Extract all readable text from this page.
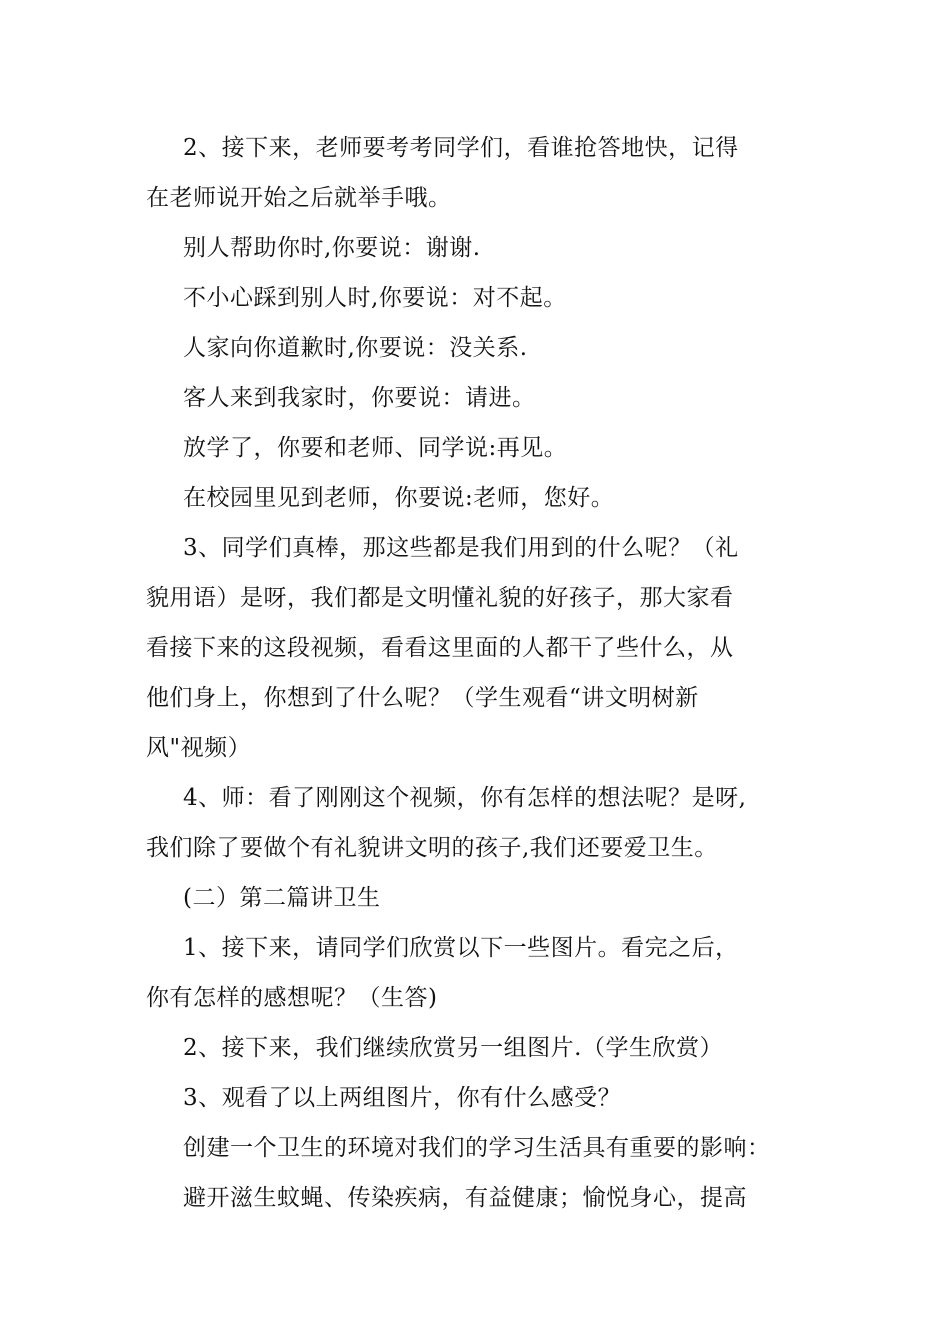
2、接下来，老师要考考同学们，看谁抢答地快，记得
在老师说开始之后就举手哦。
别人帮助你时,你要说：谢谢.
不小心踩到别人时,你要说：对不起。
人家向你道歉时,你要说：没关系.
客人来到我家时，你要说：请进。
放学了，你要和老师、同学说:再见。
在校园里见到老师，你要说:老师，您好。
3、同学们真棒，那这些都是我们用到的什么呢？（礼
貌用语）是呀，我们都是文明懂礼貌的好孩子，那大家看
看接下来的这段视频，看看这里面的人都干了些什么，从
他们身上，你想到了什么呢？（学生观看“讲文明树新
风"视频）
4、师：看了刚刚这个视频，你有怎样的想法呢？是呀,
我们除了要做个有礼貌讲文明的孩子,我们还要爱卫生。
(二）第二篇讲卫生
1、接下来，请同学们欣赏以下一些图片。看完之后，
你有怎样的感想呢？（生答)
2、接下来，我们继续欣赏另一组图片.（学生欣赏）
3、观看了以上两组图片，你有什么感受？
创建一个卫生的环境对我们的学习生活具有重要的影响：
避开滋生蚊蝇、传染疾病，有益健康；愉悦身心，提高
